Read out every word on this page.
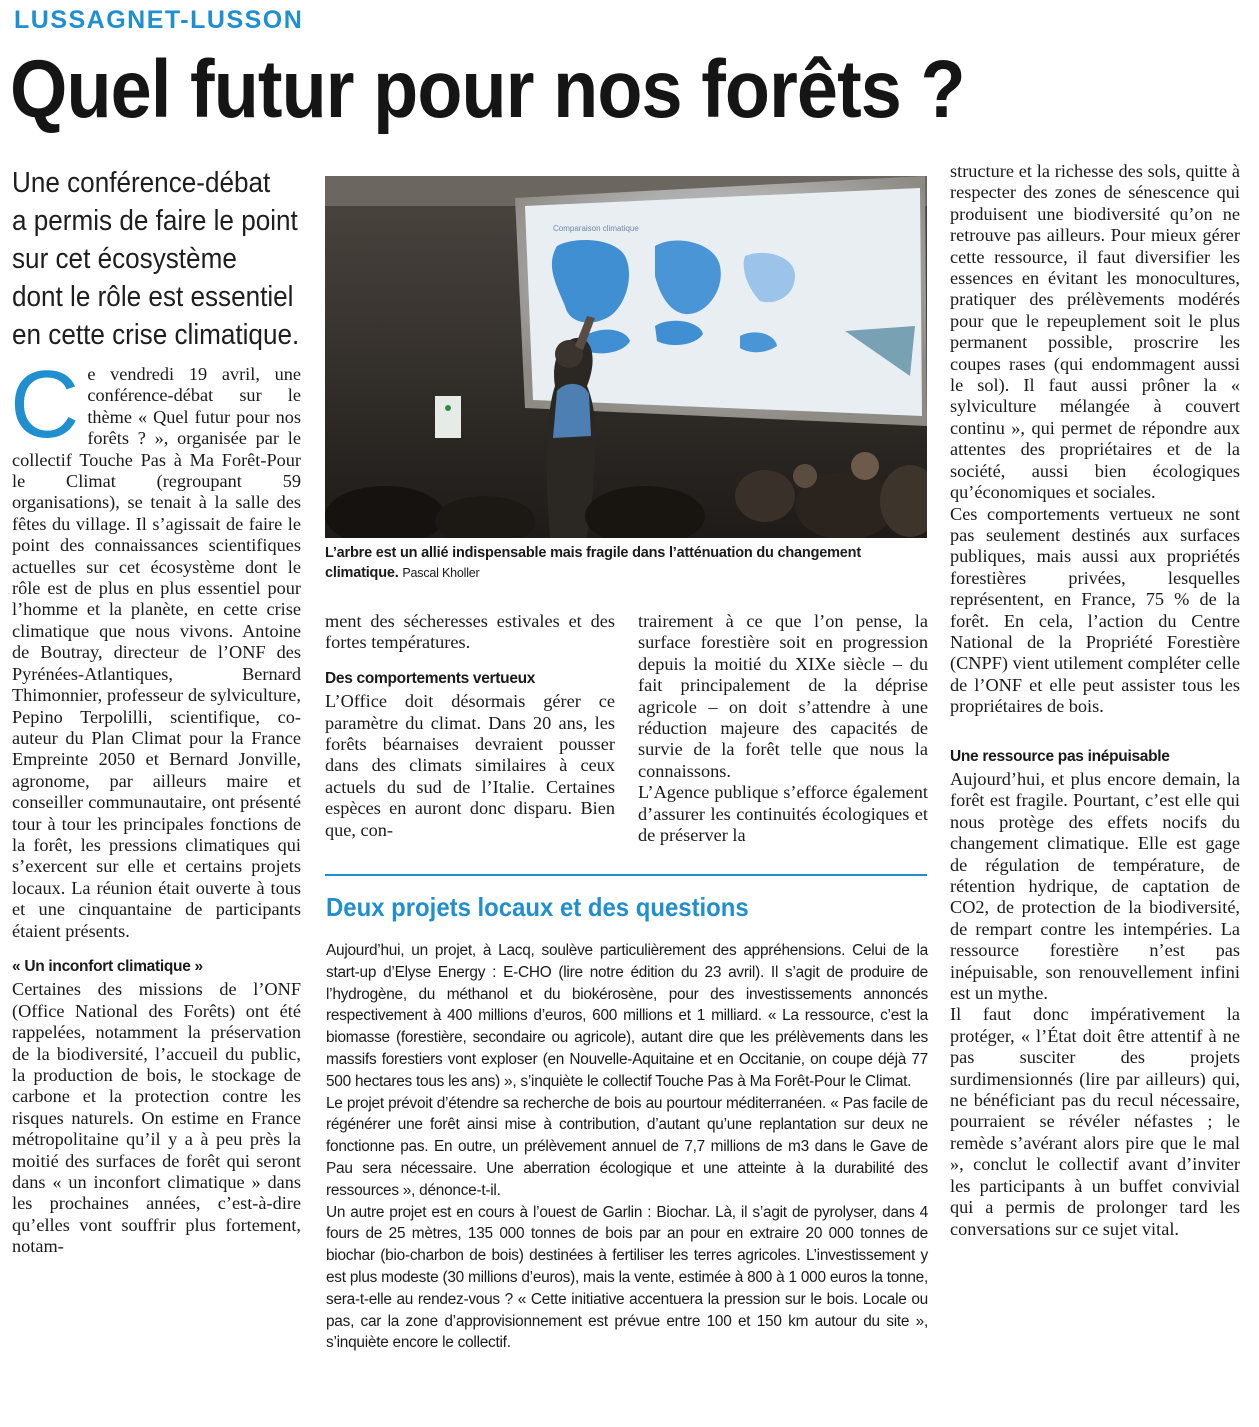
LUSSAGNET-LUSSON
Quel futur pour nos forêts ?
Une conférence-débat
a permis de faire le point
sur cet écosystème
dont le rôle est essentiel
en cette crise climatique.
C e vendredi 19 avril, une conférence-débat sur le thème « Quel futur pour nos forêts ? », organisée par le collectif Touche Pas à Ma Forêt-Pour le Climat (regroupant 59 organisations), se tenait à la salle des fêtes du village. Il s’agissait de faire le point des connaissances scientifiques actuelles sur cet écosystème dont le rôle est de plus en plus essentiel pour l’homme et la planète, en cette crise climatique que nous vivons. Antoine de Boutray, directeur de l’ONF des Pyrénées-Atlantiques, Bernard Thimonnier, professeur de sylviculture, Pepino Terpolilli, scientifique, co-auteur du Plan Climat pour la France Empreinte 2050 et Bernard Jonville, agronome, par ailleurs maire et conseiller communautaire, ont présenté tour à tour les principales fonctions de la forêt, les pressions climatiques qui s’exercent sur elle et certains projets locaux. La réunion était ouverte à tous et une cinquantaine de participants étaient présents.

« Un inconfort climatique »

Certaines des missions de l’ONF (Office National des Forêts) ont été rappelées, notamment la préservation de la biodiversité, l’accueil du public, la production de bois, le stockage de carbone et la protection contre les risques naturels. On estime en France métropolitaine qu’il y a à peu près la moitié des surfaces de forêt qui seront dans « un inconfort climatique » dans les prochaines années, c’est-à-dire qu’elles vont souffrir plus fortement, notam-

Comparaison climatique
L’arbre est un allié indispensable mais fragile dans l’atténuation du changement climatique. Pascal Kholler

ment des sécheresses estivales et des fortes températures.

Des comportements vertueux

L’Office doit désormais gérer ce paramètre du climat. Dans 20 ans, les forêts béarnaises devraient pousser dans des climats similaires à ceux actuels du sud de l’Italie. Certaines espèces en auront donc disparu. Bien que, con-

trairement à ce que l’on pense, la surface forestière soit en progression depuis la moitié du XIXe siècle – du fait principalement de la déprise agricole – on doit s’attendre à une réduction majeure des capacités de survie de la forêt telle que nous la connaissons.

L’Agence publique s’efforce également d’assurer les continuités écologiques et de préserver la

structure et la richesse des sols, quitte à respecter des zones de sénescence qui produisent une biodiversité qu’on ne retrouve pas ailleurs. Pour mieux gérer cette ressource, il faut diversifier les essences en évitant les monocultures, pratiquer des prélèvements modérés pour que le repeuplement soit le plus permanent possible, proscrire les coupes rases (qui endommagent aussi le sol). Il faut aussi prôner la « sylviculture mélangée à couvert continu », qui permet de répondre aux attentes des propriétaires et de la société, aussi bien écologiques qu’économiques et sociales.

Ces comportements vertueux ne sont pas seulement destinés aux surfaces publiques, mais aussi aux propriétés forestières privées, lesquelles représentent, en France, 75 % de la forêt. En cela, l’action du Centre National de la Propriété Forestière (CNPF) vient utilement compléter celle de l’ONF et elle peut assister tous les propriétaires de bois.

Une ressource pas inépuisable

Aujourd’hui, et plus encore demain, la forêt est fragile. Pourtant, c’est elle qui nous protège des effets nocifs du changement climatique. Elle est gage de régulation de température, de rétention hydrique, de captation de CO2, de protection de la biodiversité, de rempart contre les intempéries. La ressource forestière n’est pas inépuisable, son renouvellement infini est un mythe.

Il faut donc impérativement la protéger, « l’État doit être attentif à ne pas susciter des projets surdimensionnés (lire par ailleurs) qui, ne bénéficiant pas du recul nécessaire, pourraient se révéler néfastes ; le remède s’avérant alors pire que le mal », conclut le collectif avant d’inviter les participants à un buffet convivial qui a permis de prolonger tard les conversations sur ce sujet vital.

Deux projets locaux et des questions

Aujourd’hui, un projet, à Lacq, soulève particulièrement des appréhensions. Celui de la start-up d’Elyse Energy : E-CHO (lire notre édition du 23 avril). Il s’agit de produire de l’hydrogène, du méthanol et du biokérosène, pour des investissements annoncés respectivement à 400 millions d’euros, 600 millions et 1 milliard. « La ressource, c’est la biomasse (forestière, secondaire ou agricole), autant dire que les prélèvements dans les massifs forestiers vont exploser (en Nouvelle-Aquitaine et en Occitanie, on coupe déjà 77 500 hectares tous les ans) », s’inquiète le collectif Touche Pas à Ma Forêt-Pour le Climat.

Le projet prévoit d’étendre sa recherche de bois au pourtour méditerranéen. « Pas facile de régénérer une forêt ainsi mise à contribution, d’autant qu’une replantation sur deux ne fonctionne pas. En outre, un prélèvement annuel de 7,7 millions de m3 dans le Gave de Pau sera nécessaire. Une aberration écologique et une atteinte à la durabilité des ressources », dénonce-t-il.

Un autre projet est en cours à l’ouest de Garlin : Biochar. Là, il s’agit de pyrolyser, dans 4 fours de 25 mètres, 135 000 tonnes de bois par an pour en extraire 20 000 tonnes de biochar (bio-charbon de bois) destinées à fertiliser les terres agricoles. L’investissement y est plus modeste (30 millions d’euros), mais la vente, estimée à 800 à 1 000 euros la tonne, sera-t-elle au rendez-vous ? « Cette initiative accentuera la pression sur le bois. Locale ou pas, car la zone d’approvisionnement est prévue entre 100 et 150 km autour du site », s’inquiète encore le collectif.
